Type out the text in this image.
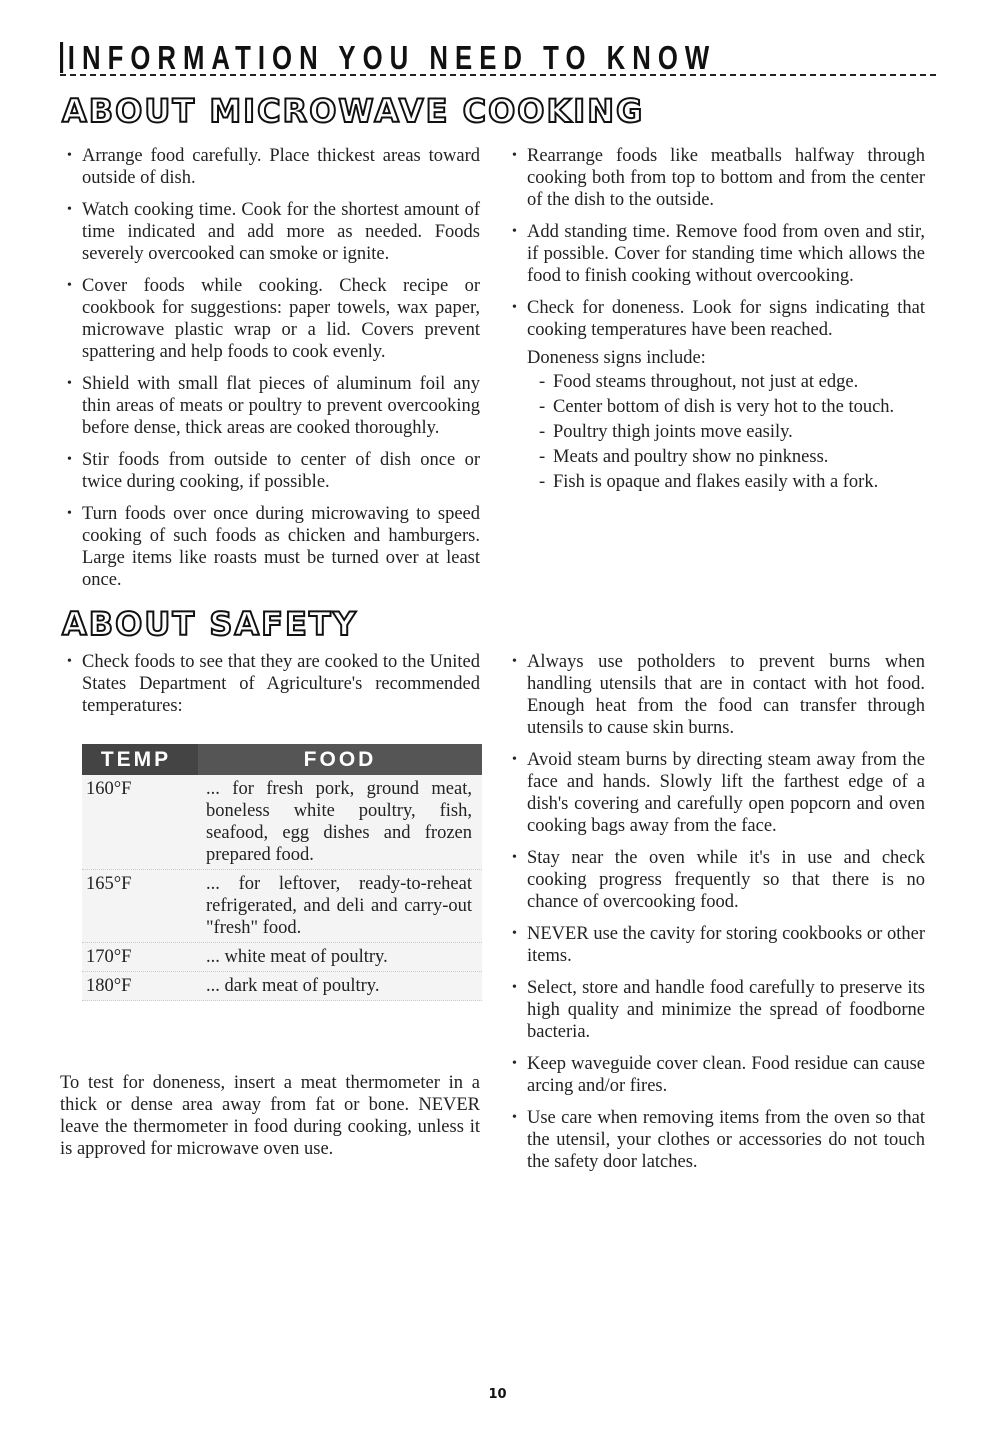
INFORMATION YOU NEED TO KNOW
ABOUT MICROWAVE COOKING
• Arrange food carefully. Place thickest areas toward outside of dish.
• Watch cooking time. Cook for the shortest amount of time indicated and add more as needed. Foods severely overcooked can smoke or ignite.
• Cover foods while cooking. Check recipe or cookbook for suggestions: paper towels, wax paper, microwave plastic wrap or a lid. Covers prevent spattering and help foods to cook evenly.
• Shield with small flat pieces of aluminum foil any thin areas of meats or poultry to prevent overcooking before dense, thick areas are cooked thoroughly.
• Stir foods from outside to center of dish once or twice during cooking, if possible.
• Turn foods over once during microwaving to speed cooking of such foods as chicken and hamburgers. Large items like roasts must be turned over at least once.
• Rearrange foods like meatballs halfway through cooking both from top to bottom and from the center of the dish to the outside.
• Add standing time. Remove food from oven and stir, if possible. Cover for standing time which allows the food to finish cooking without overcooking.
• Check for doneness. Look for signs indicating that cooking temperatures have been reached.
Doneness signs include:
- Food steams throughout, not just at edge.
- Center bottom of dish is very hot to the touch.
- Poultry thigh joints move easily.
- Meats and poultry show no pinkness.
- Fish is opaque and flakes easily with a fork.
ABOUT SAFETY
• Check foods to see that they are cooked to the United States Department of Agriculture's recommended temperatures:
TEMP	FOOD
160°F	... for fresh pork, ground meat, boneless white poultry, fish, seafood, egg dishes and frozen prepared food.
165°F	... for leftover, ready-to-reheat refrigerated, and deli and carry-out "fresh" food.
170°F	... white meat of poultry.
180°F	... dark meat of poultry.
To test for doneness, insert a meat thermometer in a thick or dense area away from fat or bone. NEVER leave the thermometer in food during cooking, unless it is approved for microwave oven use.
• Always use potholders to prevent burns when handling utensils that are in contact with hot food. Enough heat from the food can transfer through utensils to cause skin burns.
• Avoid steam burns by directing steam away from the face and hands. Slowly lift the farthest edge of a dish's covering and carefully open popcorn and oven cooking bags away from the face.
• Stay near the oven while it's in use and check cooking progress frequently so that there is no chance of overcooking food.
• NEVER use the cavity for storing cookbooks or other items.
• Select, store and handle food carefully to preserve its high quality and minimize the spread of foodborne bacteria.
• Keep waveguide cover clean. Food residue can cause arcing and/or fires.
• Use care when removing items from the oven so that the utensil, your clothes or accessories do not touch the safety door latches.
10
